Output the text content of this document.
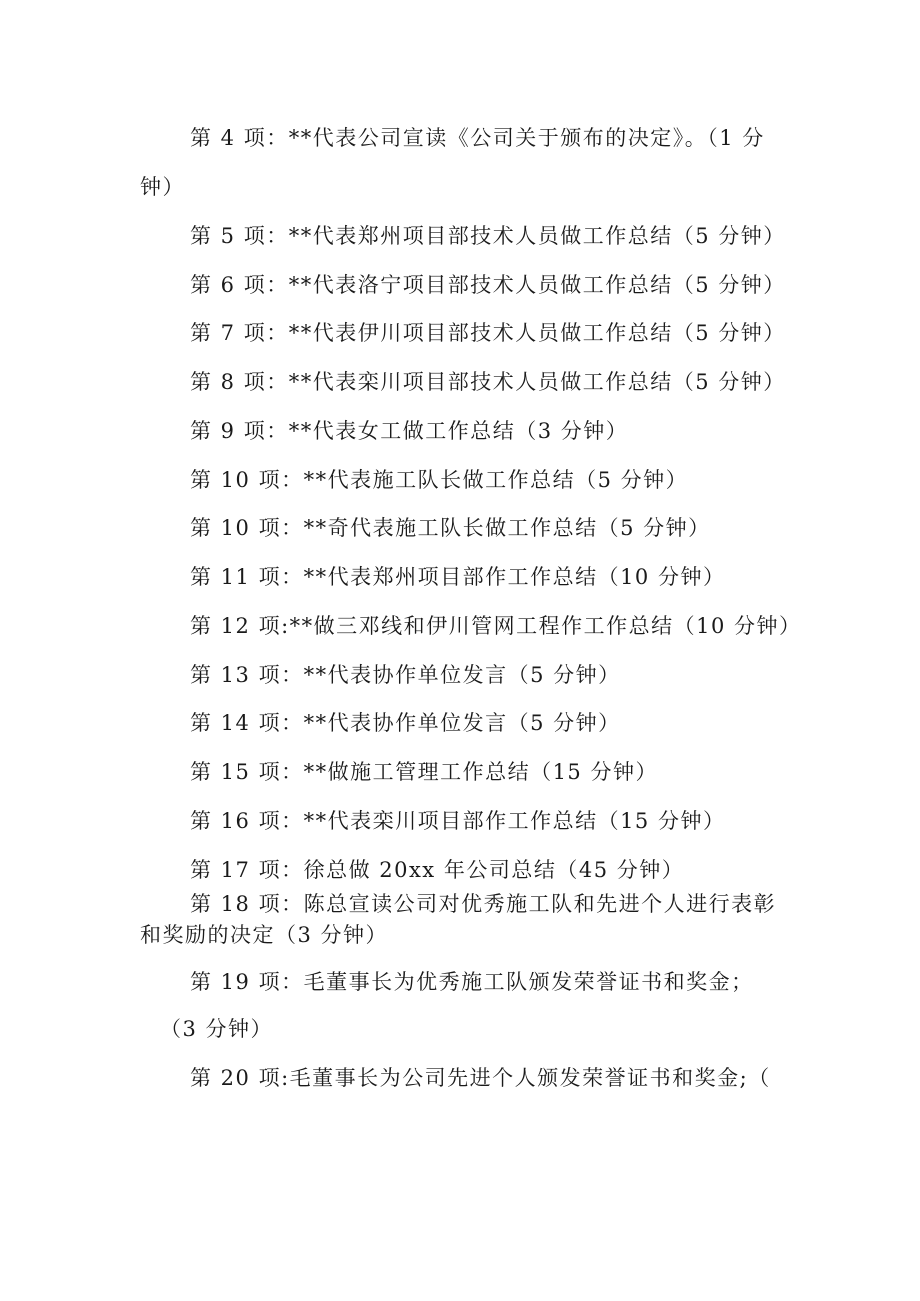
第 4 项：**代表公司宣读《公司关于颁布的决定》。（1 分
钟）
第 5 项：**代表郑州项目部技术人员做工作总结（5 分钟）
第 6 项：**代表洛宁项目部技术人员做工作总结（5 分钟）
第 7 项：**代表伊川项目部技术人员做工作总结（5 分钟）
第 8 项：**代表栾川项目部技术人员做工作总结（5 分钟）
第 9 项：**代表女工做工作总结（3 分钟）
第 10 项：**代表施工队长做工作总结（5 分钟）
第 10 项：**奇代表施工队长做工作总结（5 分钟）
第 11 项：**代表郑州项目部作工作总结（10 分钟）
第 12 项:**做三邓线和伊川管网工程作工作总结（10 分钟）
第 13 项：**代表协作单位发言（5 分钟）
第 14 项：**代表协作单位发言（5 分钟）
第 15 项：**做施工管理工作总结（15 分钟）
第 16 项：**代表栾川项目部作工作总结（15 分钟）
第 17 项：徐总做 20xx 年公司总结（45 分钟）
第 18 项：陈总宣读公司对优秀施工队和先进个人进行表彰
和奖励的决定（3 分钟）
第 19 项：毛董事长为优秀施工队颁发荣誉证书和奖金；
（3 分钟）
第 20 项:毛董事长为公司先进个人颁发荣誉证书和奖金;（
